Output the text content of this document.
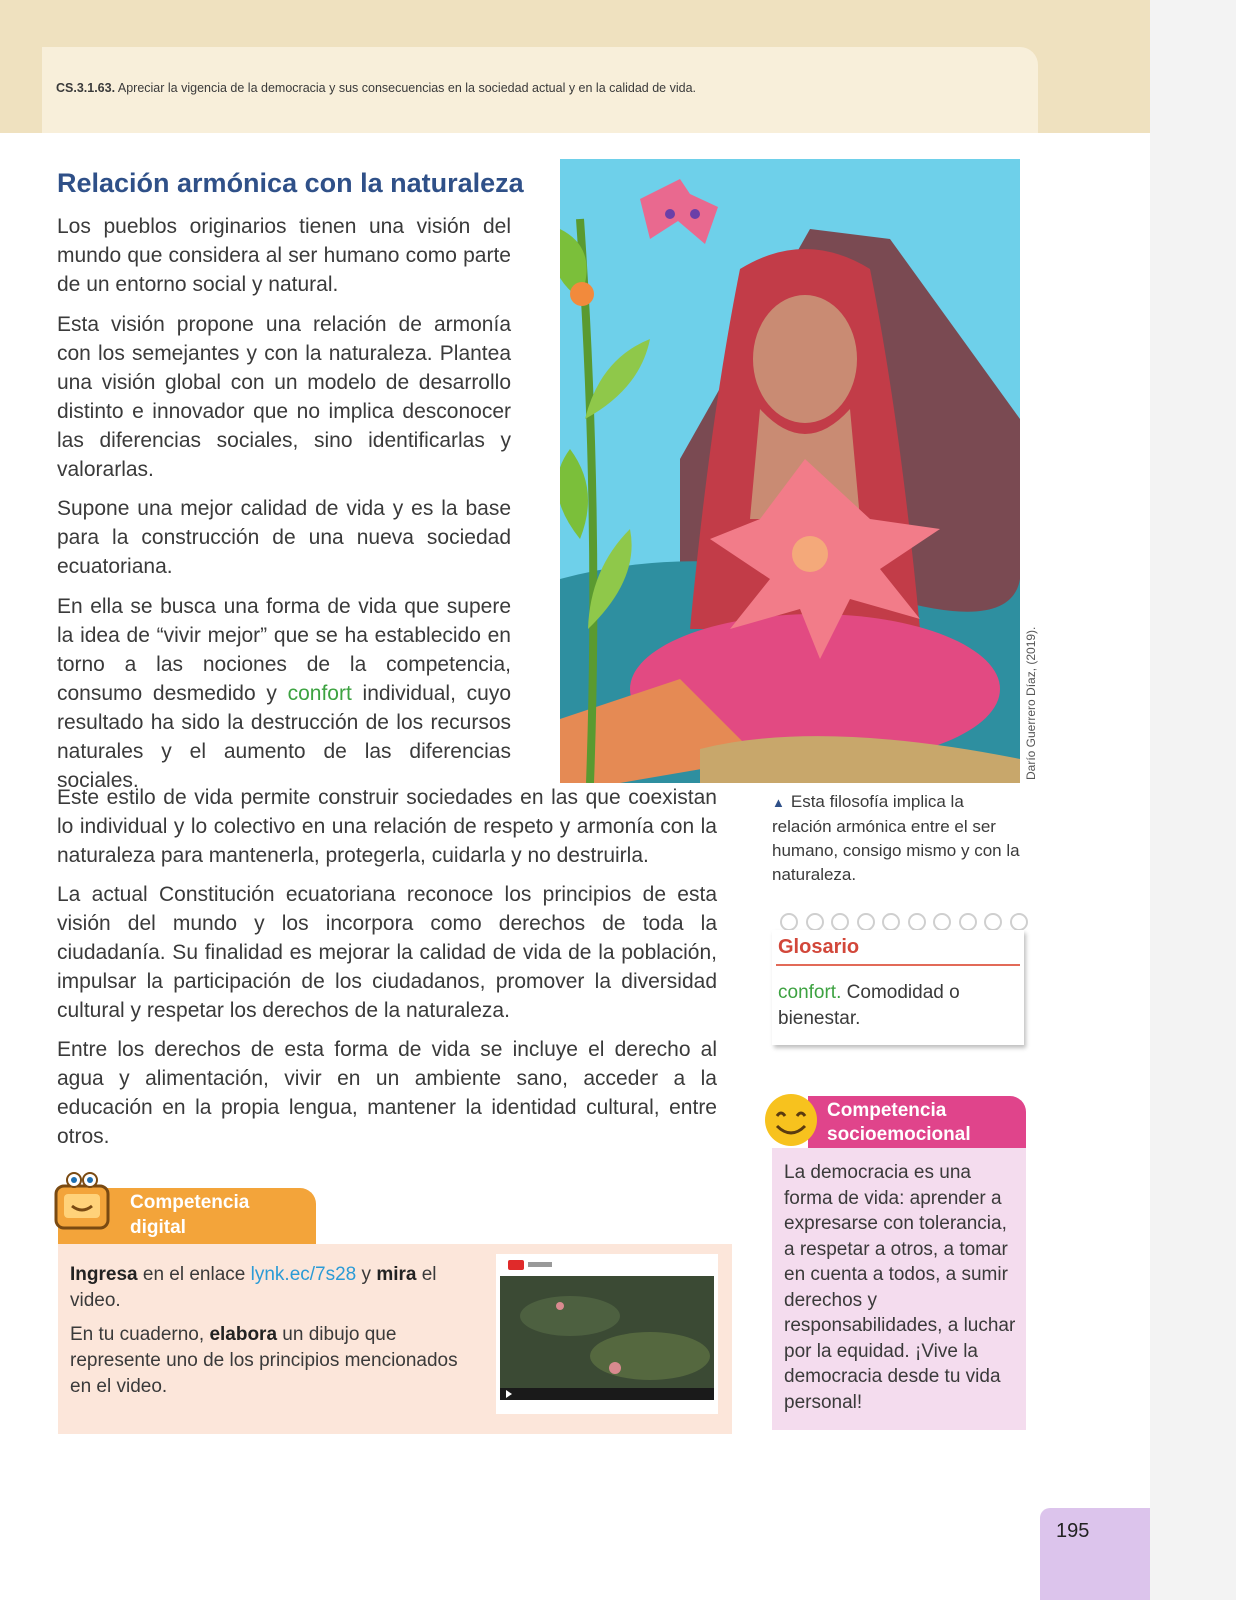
CS.3.1.63. Apreciar la vigencia de la democracia y sus consecuencias en la sociedad actual y en la calidad de vida.
Relación armónica con la naturaleza

Los pueblos originarios tienen una visión del mundo que considera al ser humano como parte de un entorno social y natural.

Esta visión propone una relación de armonía con los semejantes y con la naturaleza. Plantea una visión global con un modelo de desarrollo distinto e innovador que no implica desconocer las diferencias sociales, sino identificarlas y valorarlas.

Supone una mejor calidad de vida y es la base para la construcción de una nueva sociedad ecuatoriana.

En ella se busca una forma de vida que supere la idea de “vivir mejor” que se ha establecido en torno a las nociones de la competencia, consumo desmedido y confort individual, cuyo resultado ha sido la destrucción de los recursos naturales y el aumento de las diferencias sociales.

Este estilo de vida permite construir sociedades en las que coexistan lo individual y lo colectivo en una relación de respeto y armonía con la naturaleza para mantenerla, protegerla, cuidarla y no destruirla.

La actual Constitución ecuatoriana reconoce los principios de esta visión del mundo y los incorpora como derechos de toda la ciudadanía. Su finalidad es mejorar la calidad de vida de la población, impulsar la participación de los ciudadanos, promover la diversidad cultural y respetar los derechos de la naturaleza.

Entre los derechos de esta forma de vida se incluye el derecho al agua y alimentación, vivir en un ambiente sano, acceder a la educación en la propia lengua, mantener la identidad cultural, entre otros.

Darío Guerrero Díaz, (2019).
▲ Esta filosofía implica la relación armónica entre el ser humano, consigo mismo y con la naturaleza.
Glosario
confort. Comodidad o bienestar.
Competencia
socioemocional
La democracia es una forma de vida: aprender a expresarse con tolerancia, a respetar a otros, a tomar en cuenta a todos, a sumir derechos y responsabilidades, a luchar por la equidad. ¡Vive la democracia desde tu vida personal!
Competencia
digital
Ingresa en el enlace lynk.ec/7s28 y mira el video.
En tu cuaderno, elabora un dibujo que represente uno de los principios mencionados en el video.
195
